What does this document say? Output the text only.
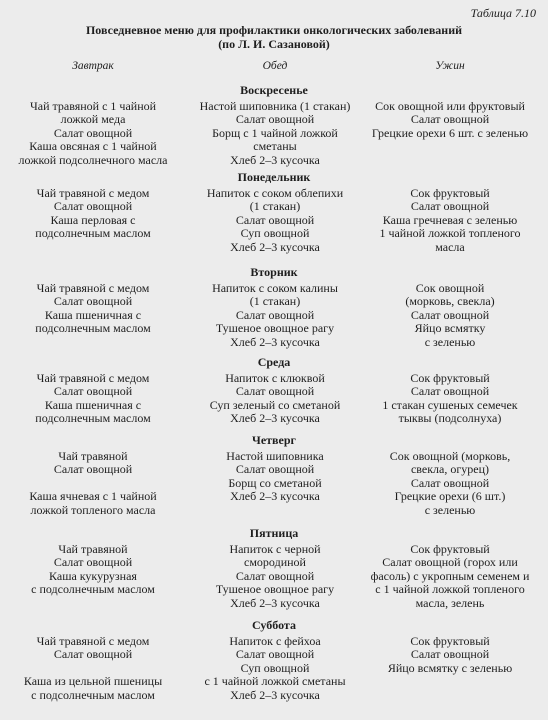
Таблица 7.10
Повседневное меню для профилактики онкологических заболеваний
(по Л. И. Сазановой)
Завтрак	Обед	Ужин
Воскресенье
Чай травяной с 1 чайной
ложкой меда
Салат овощной
Каша овсяная с 1 чайной
ложкой подсолнечного масла
Настой шиповника (1 стакан)
Салат овощной
Борщ с 1 чайной ложкой
сметаны
Хлеб 2–3 кусочка
Сок овощной или фруктовый
Салат овощной
Грецкие орехи 6 шт. с зеленью
Понедельник
Чай травяной с медом
Салат овощной
Каша перловая с
подсолнечным маслом
Напиток с соком облепихи
(1 стакан)
Салат овощной
Суп овощной
Хлеб 2–3 кусочка
Сок фруктовый
Салат овощной
Каша гречневая с зеленью
1 чайной ложкой топленого
масла
Вторник
Чай травяной с медом
Салат овощной
Каша пшеничная с
подсолнечным маслом
Напиток с соком калины
(1 стакан)
Салат овощной
Тушеное овощное рагу
Хлеб 2–3 кусочка
Сок овощной
(морковь, свекла)
Салат овощной
Яйцо всмятку
с зеленью
Среда
Чай травяной с медом
Салат овощной
Каша пшеничная с
подсолнечным маслом
Напиток с клюквой
Салат овощной
Суп зеленый со сметаной
Хлеб 2–3 кусочка
Сок фруктовый
Салат овощной
1 стакан сушеных семечек
тыквы (подсолнуха)
Четверг
Чай травяной
Салат овощной

Каша ячневая с 1 чайной
ложкой топленого масла
Настой шиповника
Салат овощной
Борщ со сметаной
Хлеб 2–3 кусочка
Сок овощной (морковь,
свекла, огурец)
Салат овощной
Грецкие орехи (6 шт.)
с зеленью
Пятница
Чай травяной
Салат овощной
Каша кукурузная
с подсолнечным маслом
Напиток с черной
смородиной
Салат овощной
Тушеное овощное рагу
Хлеб 2–3 кусочка
Сок фруктовый
Салат овощной (горох или
фасоль) с укропным семенем и
с 1 чайной ложкой топленого
масла, зелень
Суббота
Чай травяной с медом
Салат овощной

Каша из цельной пшеницы
с подсолнечным маслом
Напиток с фейхоа
Салат овощной
Суп овощной
с 1 чайной ложкой сметаны
Хлеб 2–3 кусочка
Сок фруктовый
Салат овощной
Яйцо всмятку с зеленью
